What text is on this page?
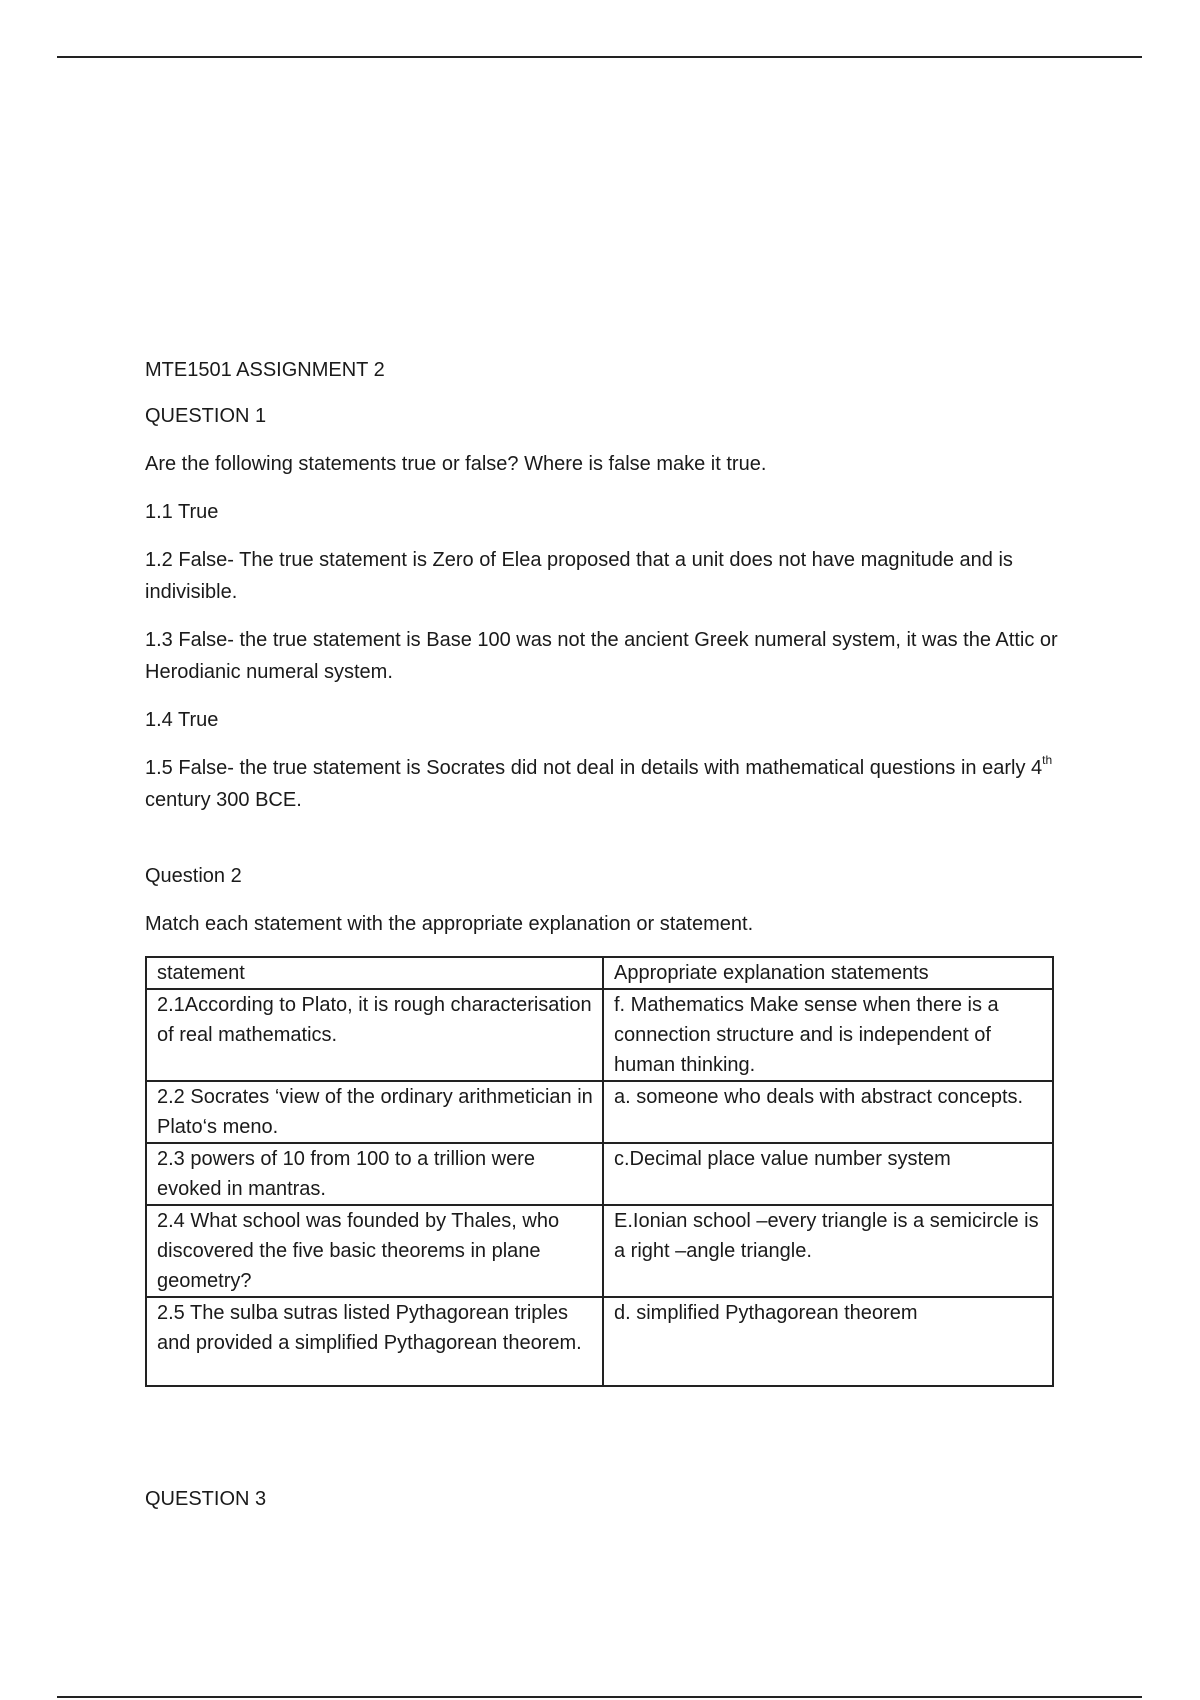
MTE1501 ASSIGNMENT 2

QUESTION 1

Are the following statements true or false? Where is false make it true.

1.1 True

1.2 False- The true statement is Zero of Elea proposed that a unit does not have magnitude and is indivisible.

1.3 False- the true statement is Base 100 was not the ancient Greek numeral system, it was the Attic or Herodianic numeral system.

1.4 True

1.5 False- the true statement is Socrates did not deal in details with mathematical questions in early 4th century 300 BCE.

Question 2

Match each statement with the appropriate explanation or statement.

statement	Appropriate explanation statements
2.1According to Plato, it is rough characterisation of real mathematics.	f. Mathematics Make sense when there is a connection structure and is independent of human thinking.
2.2 Socrates ‘view of the ordinary arithmetician in Plato‘s meno.	a. someone who deals with abstract concepts.
2.3 powers of 10 from 100 to a trillion were evoked in mantras.	c.Decimal place value number system
2.4 What school was founded by Thales, who discovered the five basic theorems in plane geometry?	E.Ionian school –every triangle is a semicircle is a right –angle triangle.
2.5 The sulba sutras listed Pythagorean triples and provided a simplified Pythagorean theorem.	d. simplified Pythagorean theorem

QUESTION 3
